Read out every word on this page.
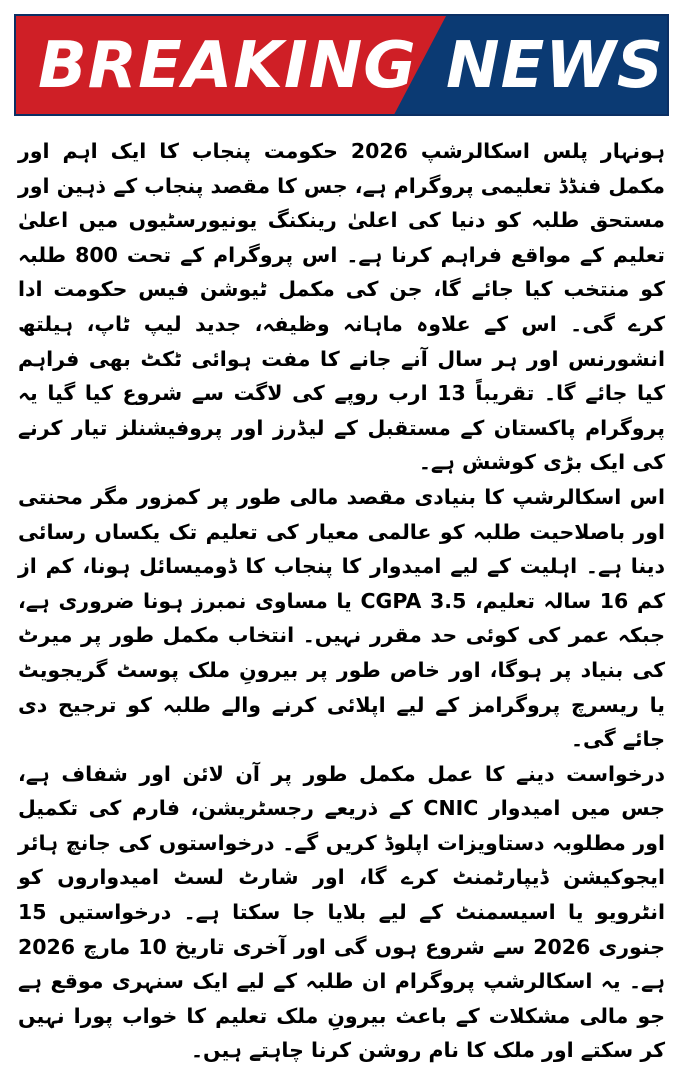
BREAKING NEWS

ہونہار پلس اسکالرشپ 2026 حکومت پنجاب کا ایک اہم اور مکمل فنڈڈ تعلیمی پروگرام ہے، جس کا مقصد پنجاب کے ذہین اور مستحق طلبہ کو دنیا کی اعلیٰ رینکنگ یونیورسٹیوں میں اعلیٰ تعلیم کے مواقع فراہم کرنا ہے۔ اس پروگرام کے تحت 800 طلبہ کو منتخب کیا جائے گا، جن کی مکمل ٹیوشن فیس حکومت ادا کرے گی۔ اس کے علاوہ ماہانہ وظیفہ، جدید لیپ ٹاپ، ہیلتھ انشورنس اور ہر سال آنے جانے کا مفت ہوائی ٹکٹ بھی فراہم کیا جائے گا۔ تقریباً 13 ارب روپے کی لاگت سے شروع کیا گیا یہ پروگرام پاکستان کے مستقبل کے لیڈرز اور پروفیشنلز تیار کرنے کی ایک بڑی کوشش ہے۔

اس اسکالرشپ کا بنیادی مقصد مالی طور پر کمزور مگر محنتی اور باصلاحیت طلبہ کو عالمی معیار کی تعلیم تک یکساں رسائی دینا ہے۔ اہلیت کے لیے امیدوار کا پنجاب کا ڈومیسائل ہونا، کم از کم 16 سالہ تعلیم، CGPA 3.5 یا مساوی نمبرز ہونا ضروری ہے، جبکہ عمر کی کوئی حد مقرر نہیں۔ انتخاب مکمل طور پر میرٹ کی بنیاد پر ہوگا، اور خاص طور پر بیرونِ ملک پوسٹ گریجویٹ یا ریسرچ پروگرامز کے لیے اپلائی کرنے والے طلبہ کو ترجیح دی جائے گی۔

درخواست دینے کا عمل مکمل طور پر آن لائن اور شفاف ہے، جس میں امیدوار CNIC کے ذریعے رجسٹریشن، فارم کی تکمیل اور مطلوبہ دستاویزات اپلوڈ کریں گے۔ درخواستوں کی جانچ ہائر ایجوکیشن ڈیپارٹمنٹ کرے گا، اور شارٹ لسٹ امیدواروں کو انٹرویو یا اسیسمنٹ کے لیے بلایا جا سکتا ہے۔ درخواستیں 15 جنوری 2026 سے شروع ہوں گی اور آخری تاریخ 10 مارچ 2026 ہے۔ یہ اسکالرشپ پروگرام ان طلبہ کے لیے ایک سنہری موقع ہے جو مالی مشکلات کے باعث بیرونِ ملک تعلیم کا خواب پورا نہیں کر سکتے اور ملک کا نام روشن کرنا چاہتے ہیں۔
